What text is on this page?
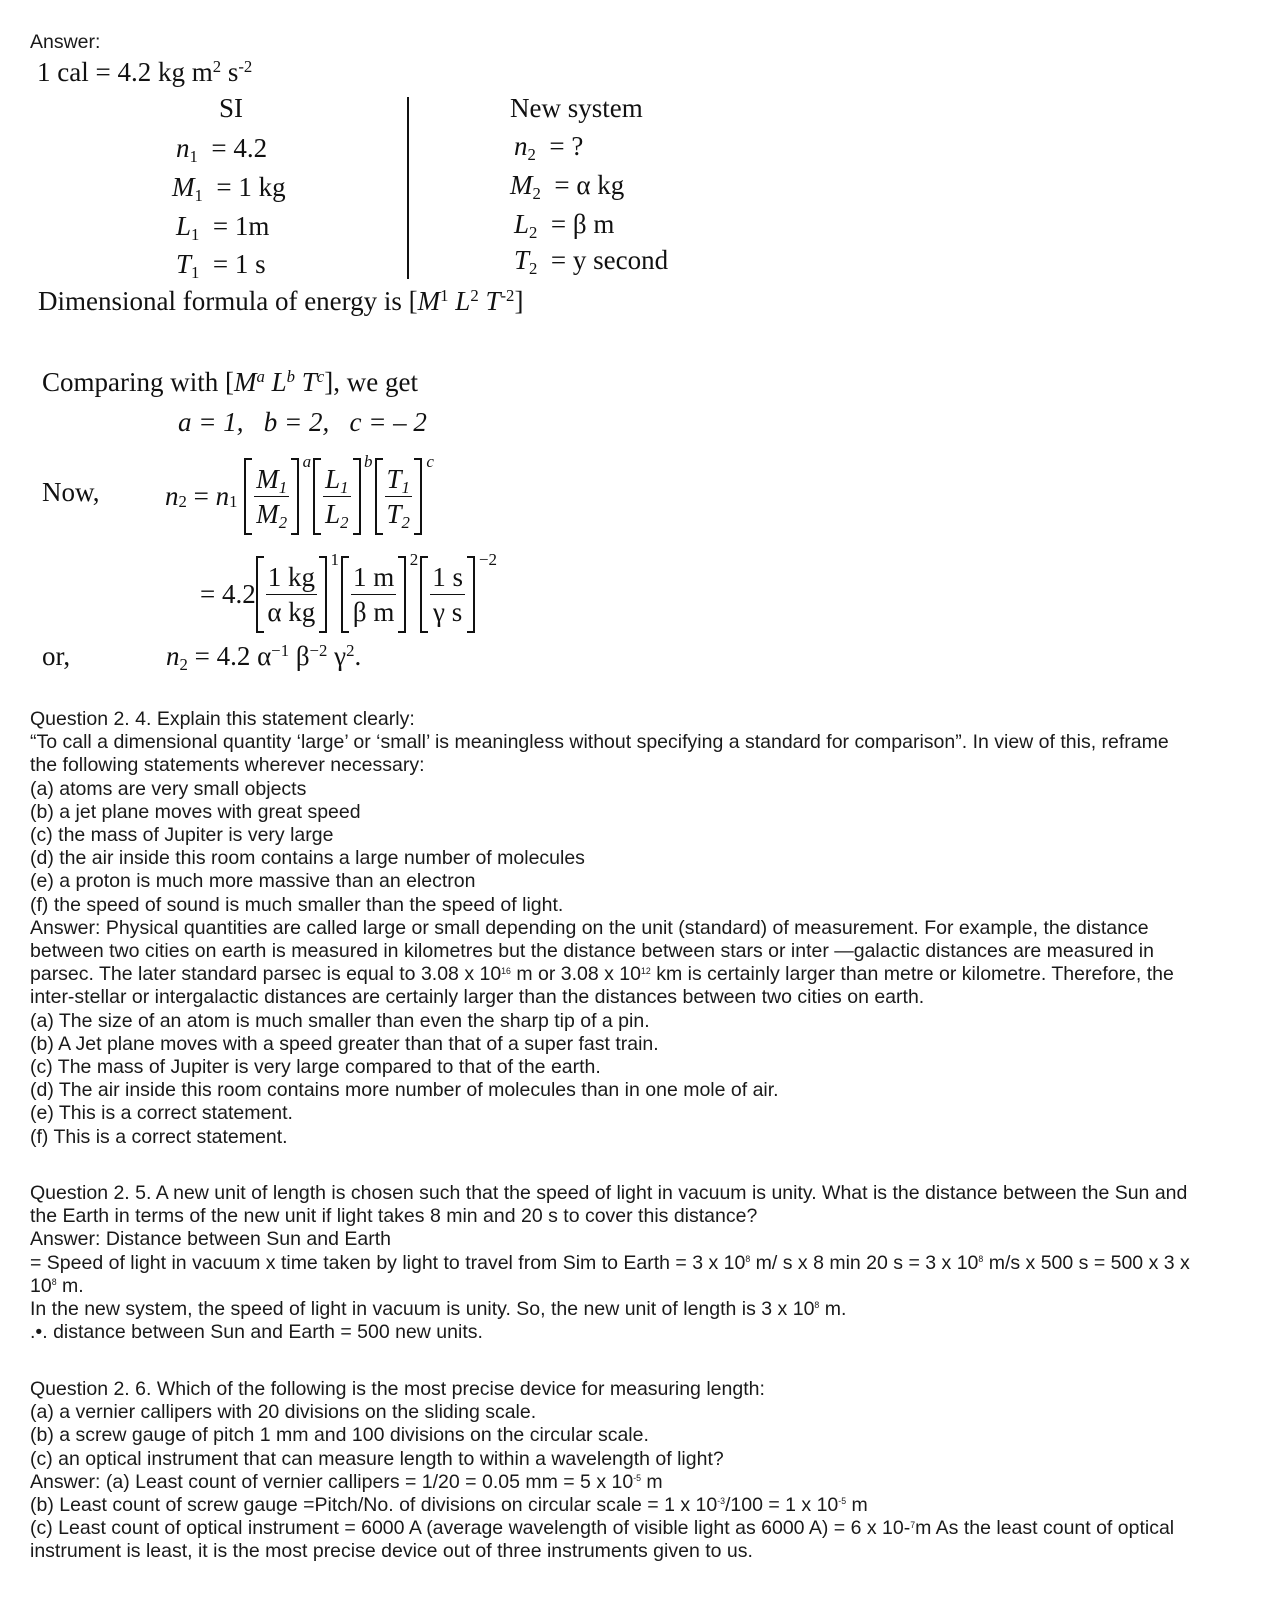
Answer:
1 cal = 4.2 kg $m^2$ $s^{-2}$
SI	New system
$n_1 = 4.2$
$M_1 = 1$ kg
$L_1 = 1m$
$T_1 = 1$ s
$n_2$ = ?
$M_2 = \alpha$ kg
$L_2 = \beta$ m
$T_2 = y$ second
Dimensional formula of energy is [$M^1$ $L^2$ $T^{-2}$]
Comparing with [$M^a$ $L^b$ $T^c$], we get
a = 1, b = 2, c = – 2
Now, $n_2$
=
$n_1$
$\frac{M_1}{M_2}$
a
$\frac{L_1}{L_2}$
b
$\frac{T_1}{T_2}$
c
=
$4.2 \frac{1 kg}{\text{α kg}}$
1
$\frac{1 m}{\text{β m}}$
2
$\frac{1 s}{\text{γ s}}$
−2
or,	$n_2 = 4.2$ $\alpha^{-1}$ $\beta^{-2}$ $\gamma^2$.
Question 2. 4. Explain this statement clearly:
“To call a dimensional quantity ‘large’ or ‘small’ is meaningless without specifying a standard for comparison”. In view of this, reframe
the following statements wherever necessary:
(a) atoms are very small objects
(b) a jet plane moves with great speed
(c) the mass of Jupiter is very large
(d) the air inside this room contains a large number of molecules
(e) a proton is much more massive than an electron
(f) the speed of sound is much smaller than the speed of light.
Answer: Physical quantities are called large or small depending on the unit (standard) of measurement. For example, the distance
between two cities on earth is measured in kilometres but the distance between stars or inter —galactic distances are measured in
parsec. The later standard parsec is equal to 3.08 x $10^{16}$ m or 3.08 x $10^{12}$ km is certainly larger than metre or kilometre. Therefore, the
inter-stellar or intergalactic distances are certainly larger than the distances between two cities on earth.
(a) The size of an atom is much smaller than even the sharp tip of a pin.
(b) A Jet plane moves with a speed greater than that of a super fast train.
(c) The mass of Jupiter is very large compared to that of the earth.
(d) The air inside this room contains more number of molecules than in one mole of air.
(e) This is a correct statement.
(f) This is a correct statement.
Question 2. 5. A new unit of length is chosen such that the speed of light in vacuum is unity. What is the distance between the Sun and
the Earth in terms of the new unit if light takes 8 min and 20 s to cover this distance?
Answer: Distance between Sun and Earth
= Speed of light in vacuum x time taken by light to travel from Sim to Earth = 3 x $10^8$ m/ s x 8 min 20 s = 3 x $10^8$ m/s x 500 s = 500 x 3 x
$10^8$ m.
In the new system, the speed of light in vacuum is unity. So, the new unit of length is 3 x $10^8$ m.
.•. distance between Sun and Earth = 500 new units.
Question 2. 6. Which of the following is the most precise device for measuring length:
(a) a vernier callipers with 20 divisions on the sliding scale.
(b) a screw gauge of pitch 1 mm and 100 divisions on the circular scale.
(c) an optical instrument that can measure length to within a wavelength of light?
Answer: (a) Least count of vernier callipers = 1/20 = 0.05 mm = 5 x $10^{-5}$ m
(b) Least count of screw gauge =Pitch/No. of divisions on circular scale = 1 x $10^{-3}/100 = 1$ x $10^{-5}$ m
(c) Least count of optical instrument = 6000 A (average wavelength of visible light as 6000 A) = 6 x 10-$^7$m As the least count of optical
instrument is least, it is the most precise device out of three instruments given to us.
